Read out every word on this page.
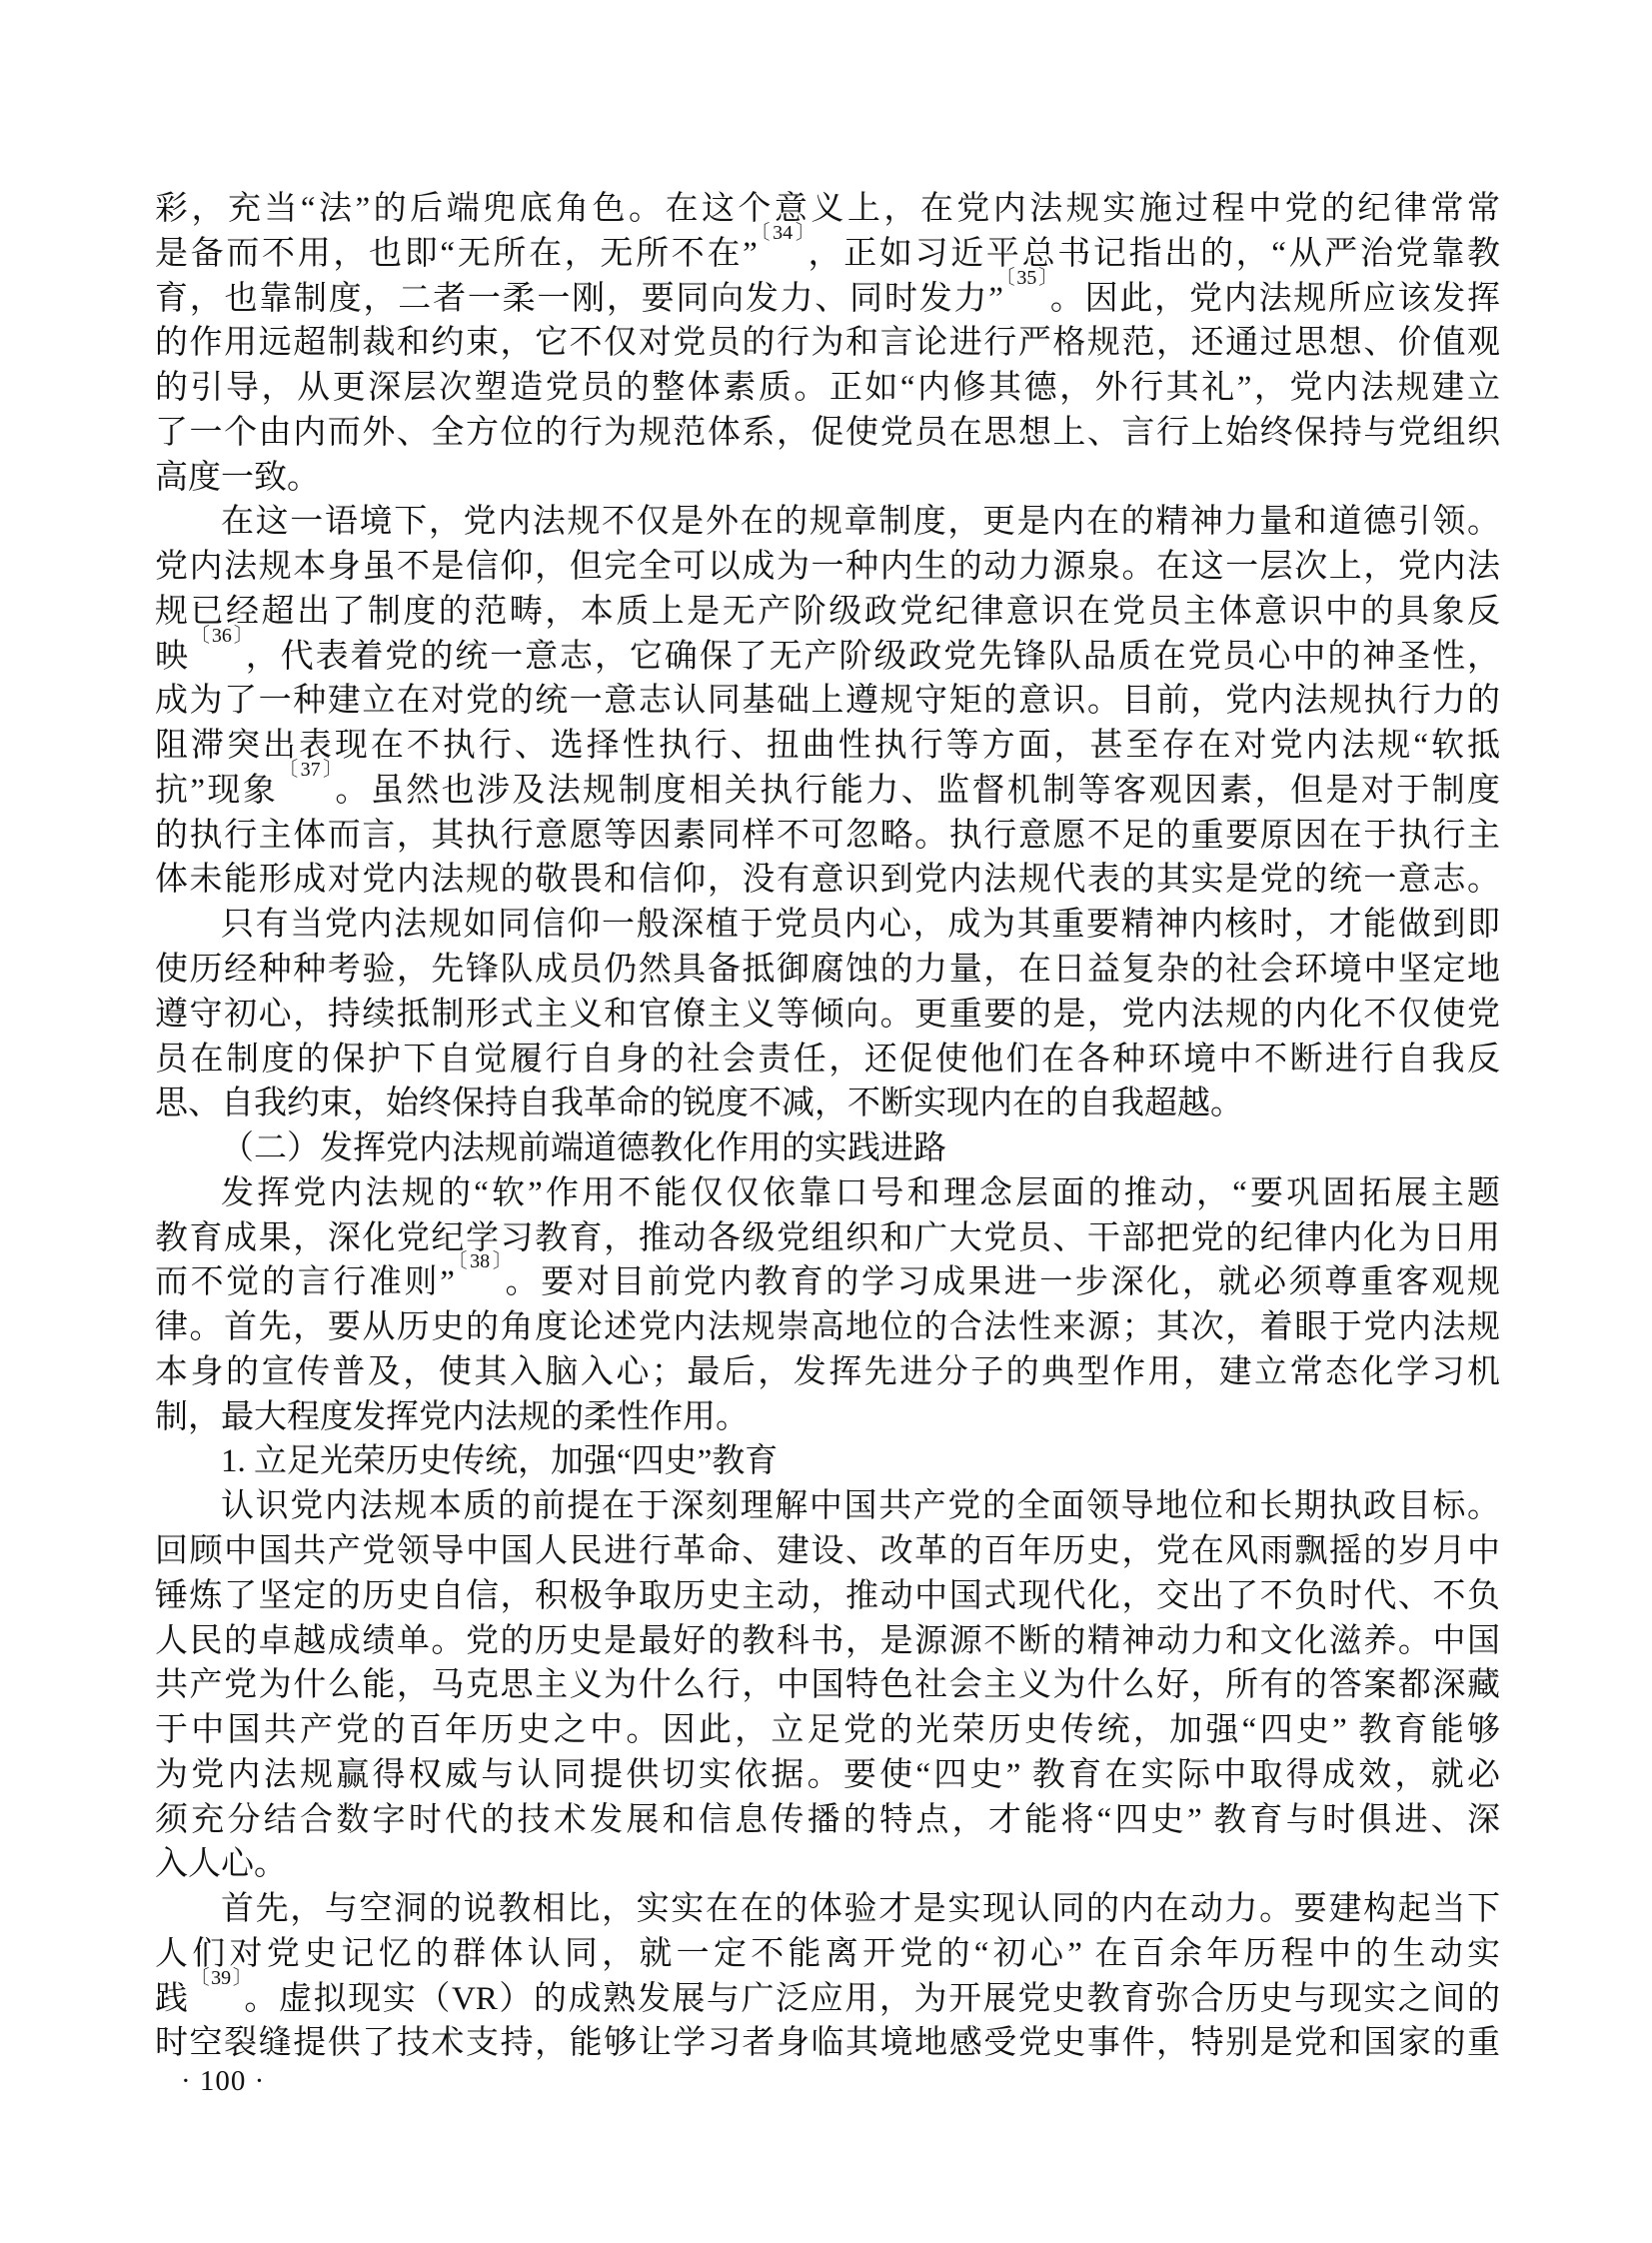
彩，充当“法”的后端兜底角色。在这个意义上，在党内法规实施过程中党的纪律常常
是备而不用，也即“无所在，无所不在”$^{〔34〕}$，正如习近平总书记指出的，“从严治党靠教
育，也靠制度，二者一柔一刚，要同向发力、同时发力”$^{〔35〕}$。因此，党内法规所应该发挥
的作用远超制裁和约束，它不仅对党员的行为和言论进行严格规范，还通过思想、价值观
的引导，从更深层次塑造党员的整体素质。正如“内修其德，外行其礼”，党内法规建立
了一个由内而外、全方位的行为规范体系，促使党员在思想上、言行上始终保持与党组织
高度一致。
在这一语境下，党内法规不仅是外在的规章制度，更是内在的精神力量和道德引领。
党内法规本身虽不是信仰，但完全可以成为一种内生的动力源泉。在这一层次上，党内法
规已经超出了制度的范畴，本质上是无产阶级政党纪律意识在党员主体意识中的具象反
映$^{〔36〕}$，代表着党的统一意志，它确保了无产阶级政党先锋队品质在党员心中的神圣性，
成为了一种建立在对党的统一意志认同基础上遵规守矩的意识。目前，党内法规执行力的
阻滞突出表现在不执行、选择性执行、扭曲性执行等方面，甚至存在对党内法规“软抵
抗”现象$^{〔37〕}$。虽然也涉及法规制度相关执行能力、监督机制等客观因素，但是对于制度
的执行主体而言，其执行意愿等因素同样不可忽略。执行意愿不足的重要原因在于执行主
体未能形成对党内法规的敬畏和信仰，没有意识到党内法规代表的其实是党的统一意志。
只有当党内法规如同信仰一般深植于党员内心，成为其重要精神内核时，才能做到即
使历经种种考验，先锋队成员仍然具备抵御腐蚀的力量，在日益复杂的社会环境中坚定地
遵守初心，持续抵制形式主义和官僚主义等倾向。更重要的是，党内法规的内化不仅使党
员在制度的保护下自觉履行自身的社会责任，还促使他们在各种环境中不断进行自我反
思、自我约束，始终保持自我革命的锐度不减，不断实现内在的自我超越。
（二）发挥党内法规前端道德教化作用的实践进路
发挥党内法规的“软”作用不能仅仅依靠口号和理念层面的推动，“要巩固拓展主题
教育成果，深化党纪学习教育，推动各级党组织和广大党员、干部把党的纪律内化为日用
而不觉的言行准则”$^{〔38〕}$。要对目前党内教育的学习成果进一步深化，就必须尊重客观规
律。首先，要从历史的角度论述党内法规崇高地位的合法性来源；其次，着眼于党内法规
本身的宣传普及，使其入脑入心；最后，发挥先进分子的典型作用，建立常态化学习机
制，最大程度发挥党内法规的柔性作用。
1. 立足光荣历史传统，加强“四史”教育
认识党内法规本质的前提在于深刻理解中国共产党的全面领导地位和长期执政目标。
回顾中国共产党领导中国人民进行革命、建设、改革的百年历史，党在风雨飘摇的岁月中
锤炼了坚定的历史自信，积极争取历史主动，推动中国式现代化，交出了不负时代、不负
人民的卓越成绩单。党的历史是最好的教科书，是源源不断的精神动力和文化滋养。中国
共产党为什么能，马克思主义为什么行，中国特色社会主义为什么好，所有的答案都深藏
于中国共产党的百年历史之中。因此，立足党的光荣历史传统，加强“四史” 教育能够
为党内法规赢得权威与认同提供切实依据。要使“四史” 教育在实际中取得成效，就必
须充分结合数字时代的技术发展和信息传播的特点，才能将“四史” 教育与时俱进、深
入人心。
首先，与空洞的说教相比，实实在在的体验才是实现认同的内在动力。要建构起当下
人们对党史记忆的群体认同，就一定不能离开党的“初心” 在百余年历程中的生动实
践$^{〔39〕}$。虚拟现实（VR）的成熟发展与广泛应用，为开展党史教育弥合历史与现实之间的
时空裂缝提供了技术支持，能够让学习者身临其境地感受党史事件，特别是党和国家的重
· 100 ·
